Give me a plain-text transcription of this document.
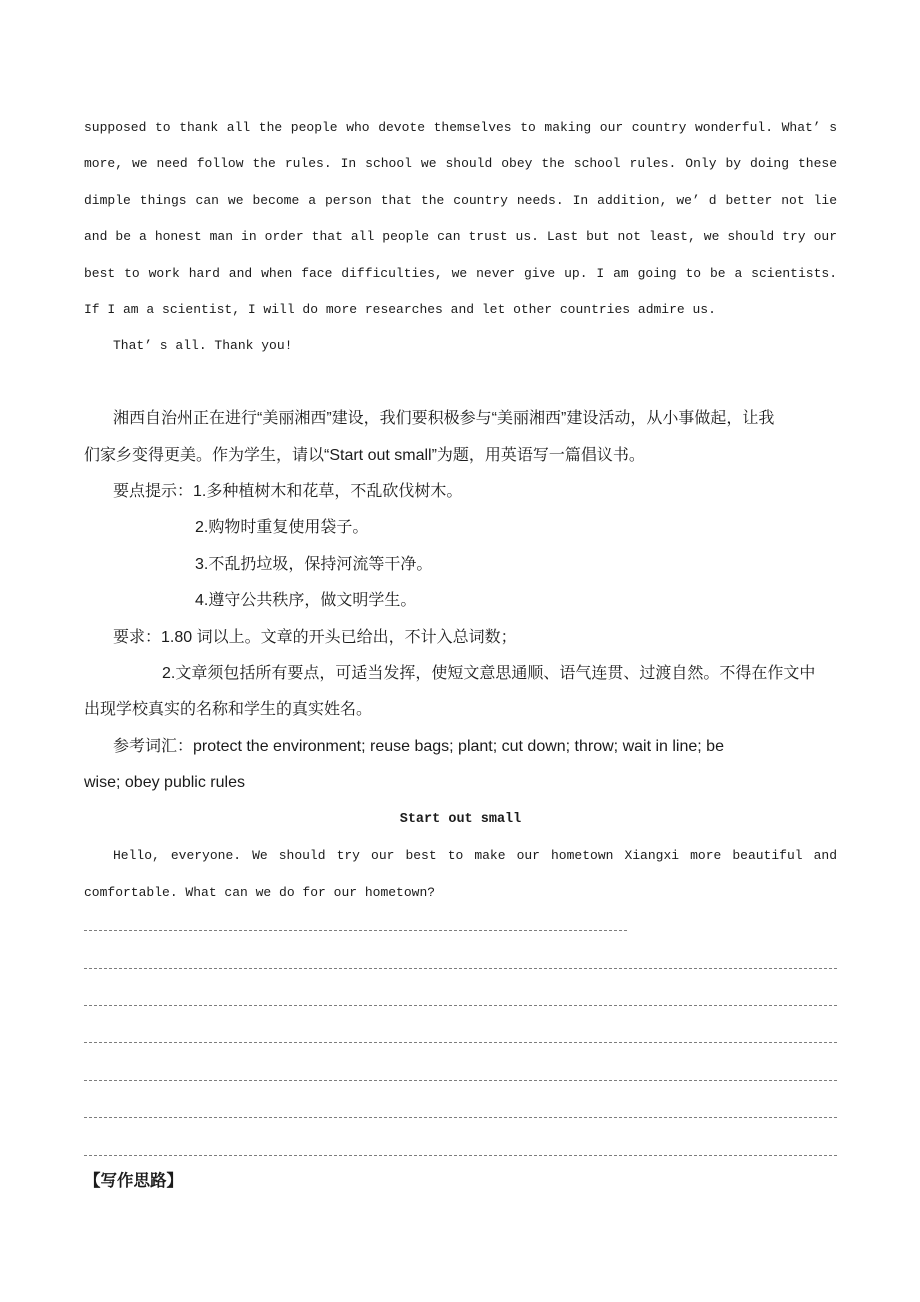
supposed to thank all the people who devote themselves to making our country wonderful. What’ s
more, we need follow the rules. In school we should obey the school rules. Only by doing these
dimple things can we become a person that the country needs. In addition, we’ d better not lie
and be a honest man in order that all people can trust us. Last but not least, we should try our
best to work hard and when face difficulties, we never give up. I am going to be a scientists.
If I am a scientist, I will do more researches and let other countries admire us.
That’ s all. Thank you!
湘西自治州正在进行“美丽湘西”建设，我们要积极参与“美丽湘西”建设活动，从小事做起，让我
们家乡变得更美。作为学生，请以“Start out small”为题，用英语写一篇倡议书。
要点提示：1.多种植树木和花草，不乱砍伐树木。
2.购物时重复使用袋子。
3.不乱扔垃圾，保持河流等干净。
4.遵守公共秩序，做文明学生。
要求：1.80 词以上。文章的开头已给出，不计入总词数；
2.文章须包括所有要点，可适当发挥，使短文意思通顺、语气连贯、过渡自然。不得在作文中
出现学校真实的名称和学生的真实姓名。
参考词汇：protect the environment; reuse bags; plant; cut down; throw; wait in line; be
wise; obey public rules
Start out small
Hello, everyone. We should try our best to make our hometown Xiangxi more beautiful and
comfortable. What can we do for our hometown?
【写作思路】
